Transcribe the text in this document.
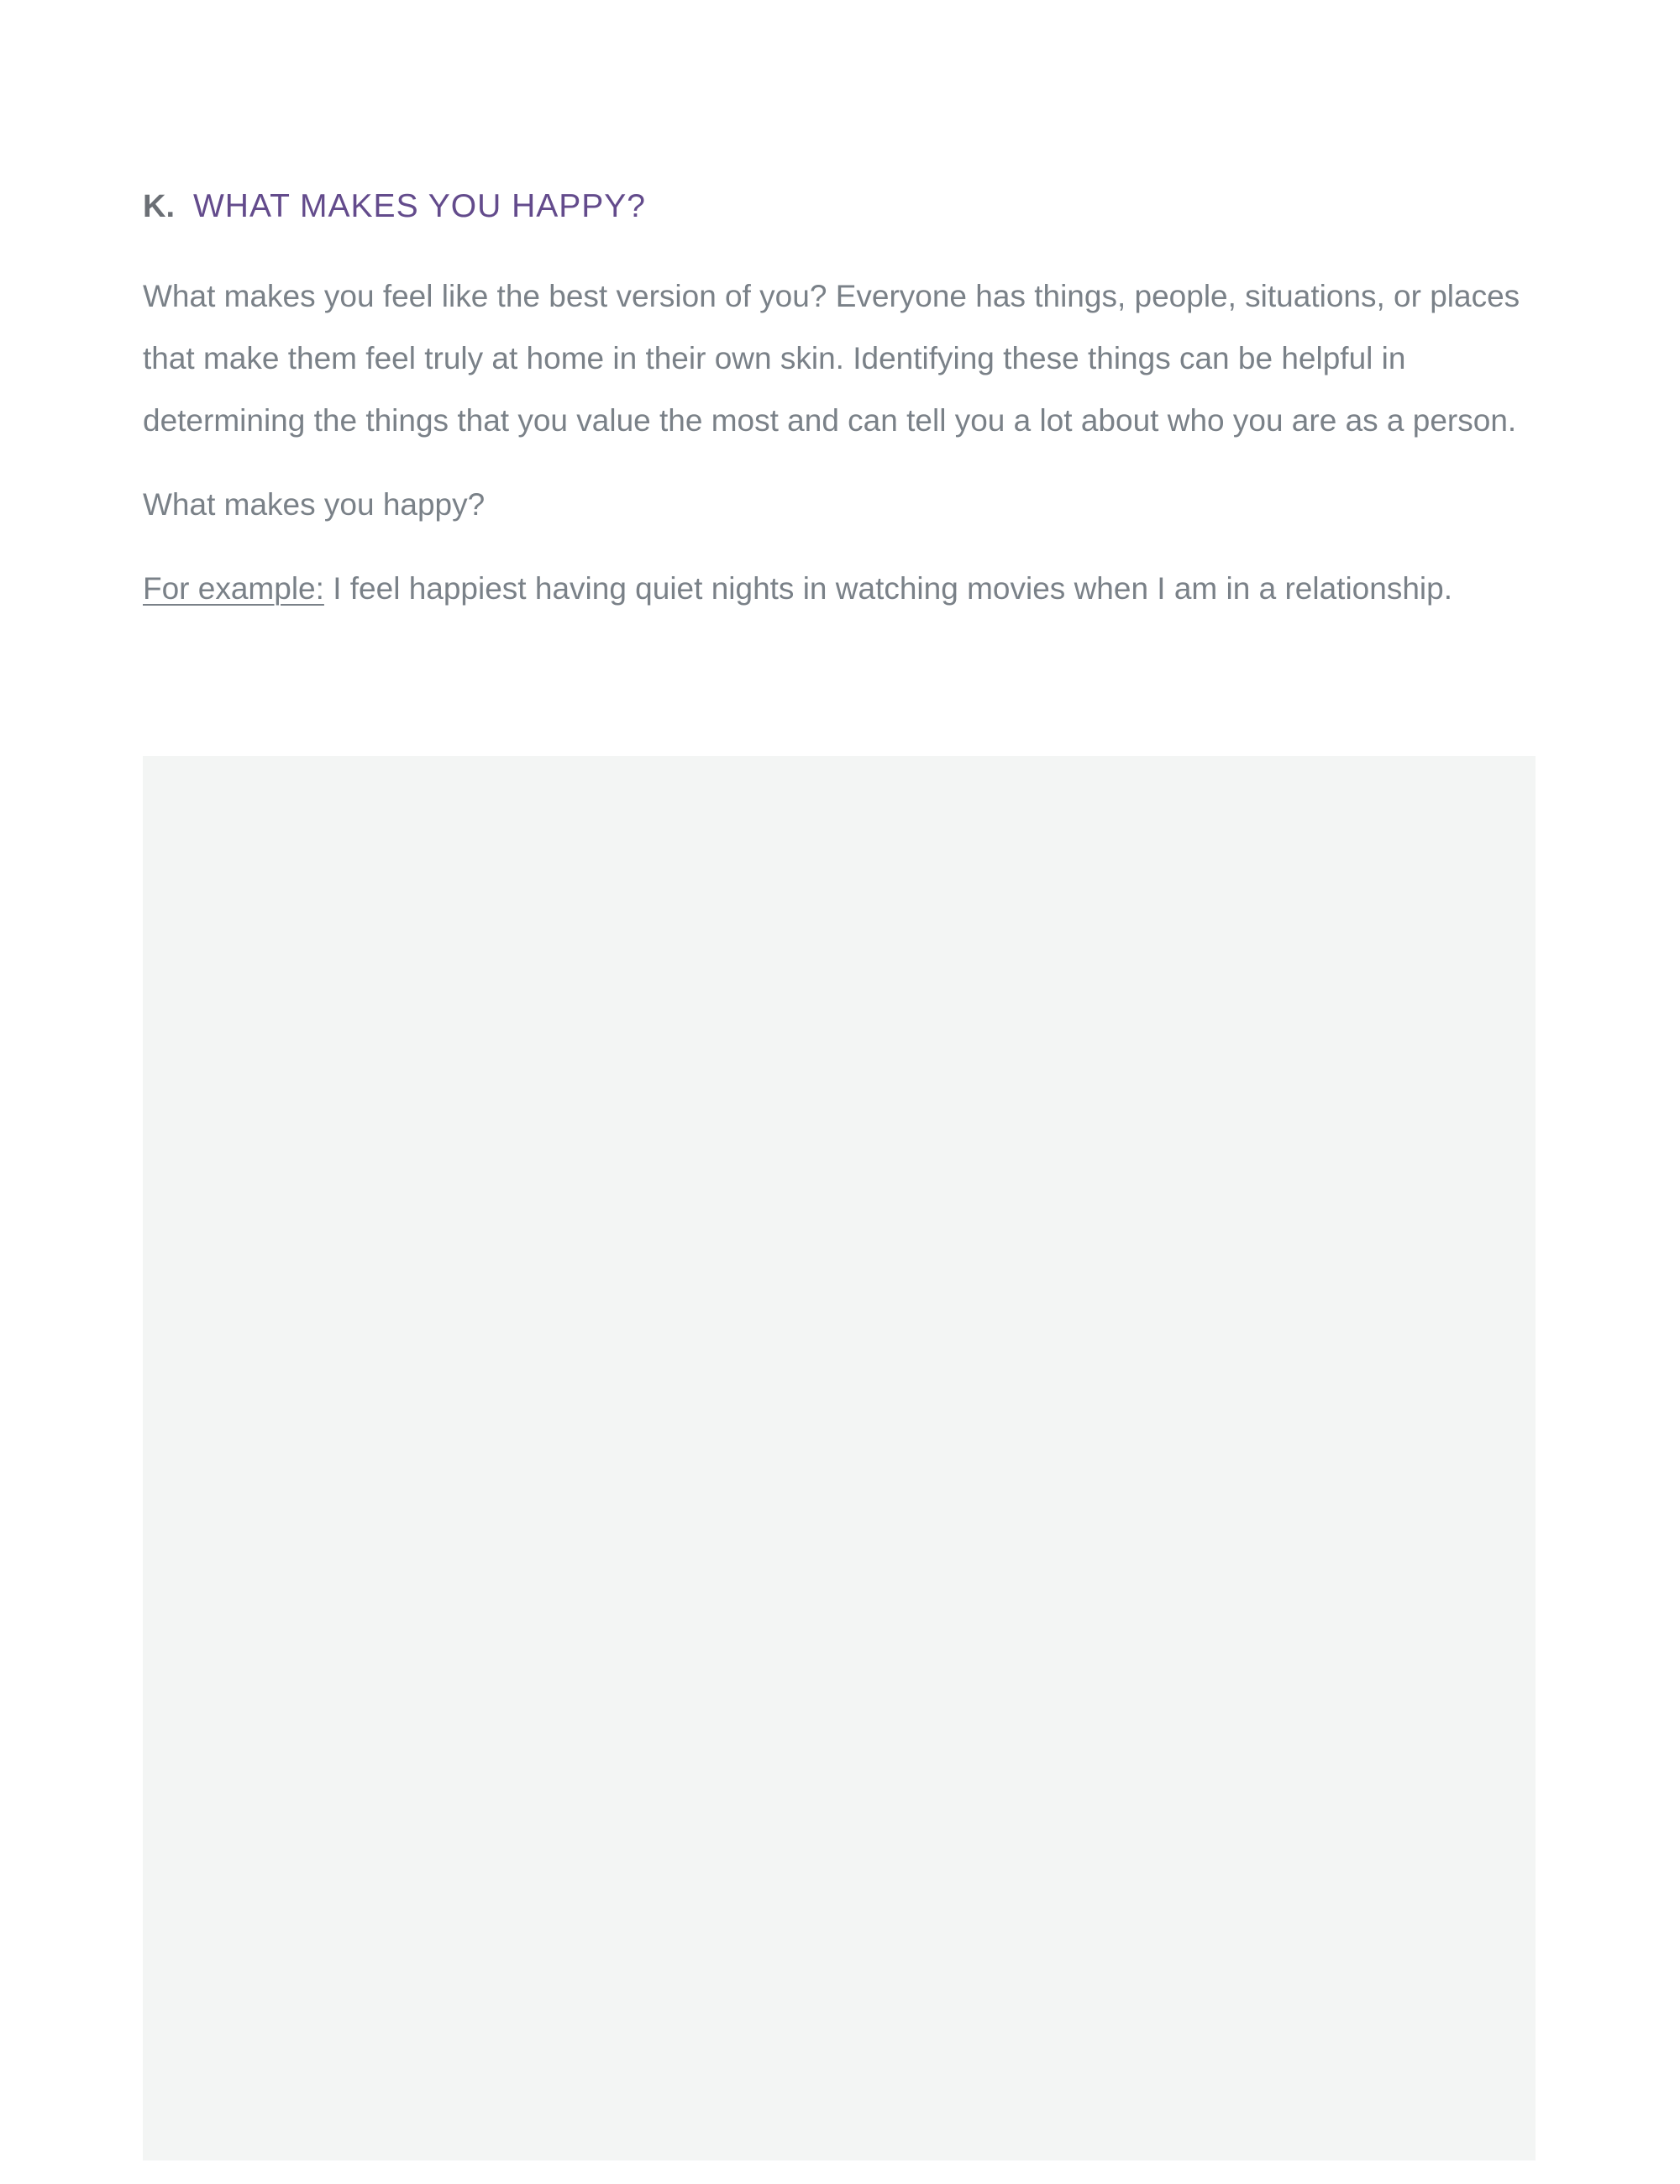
K. WHAT MAKES YOU HAPPY?

What makes you feel like the best version of you? Everyone has things, people, situations, or places that make them feel truly at home in their own skin. Identifying these things can be helpful in determining the things that you value the most and can tell you a lot about who you are as a person.

What makes you happy?

For example: I feel happiest having quiet nights in watching movies when I am in a relationship.
